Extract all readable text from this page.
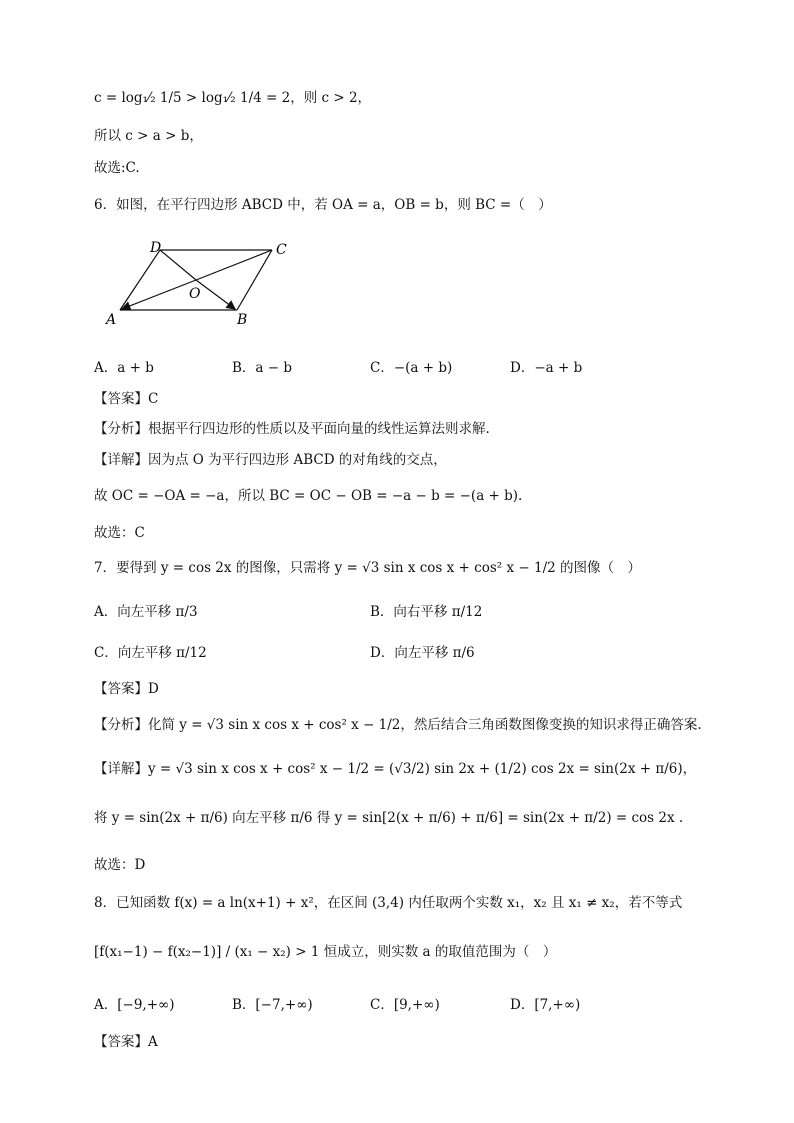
c = log₁⁄₂ 1/5 > log₁⁄₂ 1/4 = 2，则 c > 2，
所以 c > a > b，
故选:C.
6．如图，在平行四边形 ABCD 中，若 OA = a，OB = b，则 BC =（　）
D	C
O
A	B
A．a + b	B．a − b	C．−(a + b)	D．−a + b
【答案】C
【分析】根据平行四边形的性质以及平面向量的线性运算法则求解.
【详解】因为点 O 为平行四边形 ABCD 的对角线的交点，
故 OC = −OA = −a，所以 BC = OC − OB = −a − b = −(a + b).
故选：C
7．要得到 y = cos 2x 的图像，只需将 y = √3 sin x cos x + cos² x − 1/2 的图像（　）
A．向左平移 π/3	B．向右平移 π/12
C．向左平移 π/12	D．向左平移 π/6
【答案】D
【分析】化简 y = √3 sin x cos x + cos² x − 1/2，然后结合三角函数图像变换的知识求得正确答案.
【详解】y = √3 sin x cos x + cos² x − 1/2 = (√3/2) sin 2x + (1/2) cos 2x = sin(2x + π/6)，
将 y = sin(2x + π/6) 向左平移 π/6 得 y = sin[2(x + π/6) + π/6] = sin(2x + π/2) = cos 2x .
故选：D
8．已知函数 f(x) = a ln(x+1) + x²，在区间 (3,4) 内任取两个实数 x₁，x₂ 且 x₁ ≠ x₂，若不等式
[f(x₁−1) − f(x₂−1)] / (x₁ − x₂) > 1 恒成立，则实数 a 的取值范围为（　）
A．[−9,+∞)	B．[−7,+∞)	C．[9,+∞)	D．[7,+∞)
【答案】A
